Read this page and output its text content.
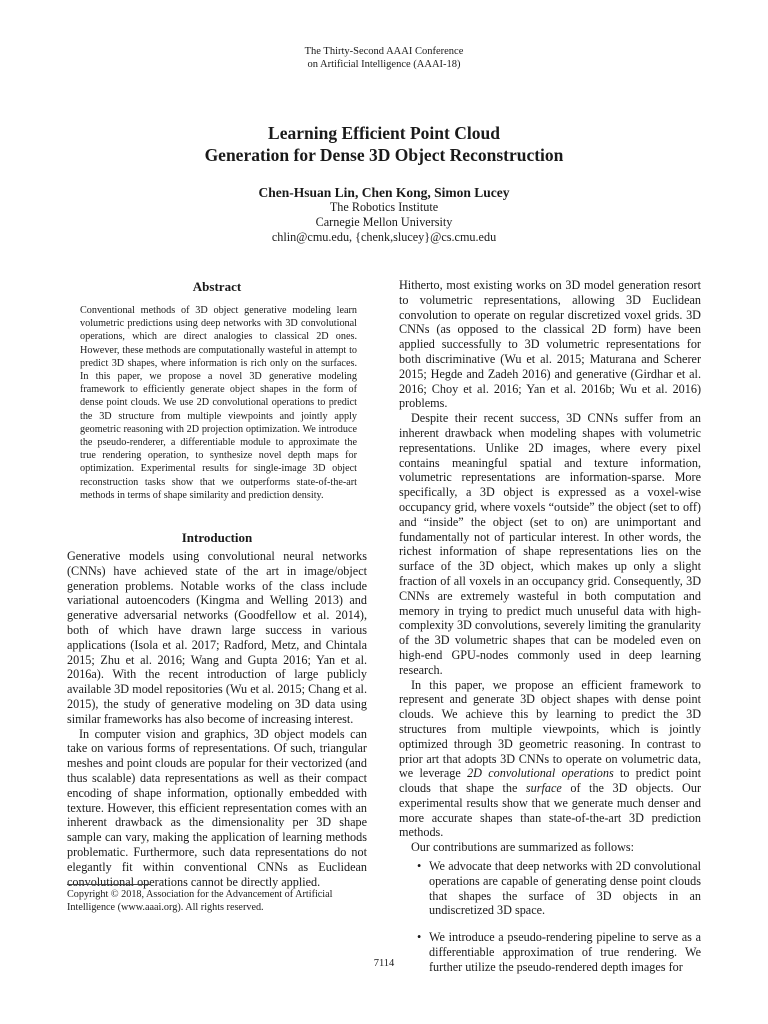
The Thirty-Second AAAI Conference
on Artificial Intelligence (AAAI-18)
Learning Efficient Point Cloud
Generation for Dense 3D Object Reconstruction
Chen-Hsuan Lin, Chen Kong, Simon Lucey
The Robotics Institute
Carnegie Mellon University
chlin@cmu.edu, {chenk,slucey}@cs.cmu.edu
Abstract
Conventional methods of 3D object generative modeling learn volumetric predictions using deep networks with 3D convolutional operations, which are direct analogies to classical 2D ones. However, these methods are computationally wasteful in attempt to predict 3D shapes, where information is rich only on the surfaces. In this paper, we propose a novel 3D generative modeling framework to efficiently generate object shapes in the form of dense point clouds. We use 2D convolutional operations to predict the 3D structure from multiple viewpoints and jointly apply geometric reasoning with 2D projection optimization. We introduce the pseudo-renderer, a differentiable module to approximate the true rendering operation, to synthesize novel depth maps for optimization. Experimental results for single-image 3D object reconstruction tasks show that we outperforms state-of-the-art methods in terms of shape similarity and prediction density.
Introduction

Generative models using convolutional neural networks (CNNs) have achieved state of the art in image/object generation problems. Notable works of the class include variational autoencoders (Kingma and Welling 2013) and generative adversarial networks (Goodfellow et al. 2014), both of which have drawn large success in various applications (Isola et al. 2017; Radford, Metz, and Chintala 2015; Zhu et al. 2016; Wang and Gupta 2016; Yan et al. 2016a). With the recent introduction of large publicly available 3D model repositories (Wu et al. 2015; Chang et al. 2015), the study of generative modeling on 3D data using similar frameworks has also become of increasing interest.

In computer vision and graphics, 3D object models can take on various forms of representations. Of such, triangular meshes and point clouds are popular for their vectorized (and thus scalable) data representations as well as their compact encoding of shape information, optionally embedded with texture. However, this efficient representation comes with an inherent drawback as the dimensionality per 3D shape sample can vary, making the application of learning methods problematic. Furthermore, such data representations do not elegantly fit within conventional CNNs as Euclidean convolutional operations cannot be directly applied.

Hitherto, most existing works on 3D model generation resort to volumetric representations, allowing 3D Euclidean convolution to operate on regular discretized voxel grids. 3D CNNs (as opposed to the classical 2D form) have been applied successfully to 3D volumetric representations for both discriminative (Wu et al. 2015; Maturana and Scherer 2015; Hegde and Zadeh 2016) and generative (Girdhar et al. 2016; Choy et al. 2016; Yan et al. 2016b; Wu et al. 2016) problems.

Despite their recent success, 3D CNNs suffer from an inherent drawback when modeling shapes with volumetric representations. Unlike 2D images, where every pixel contains meaningful spatial and texture information, volumetric representations are information-sparse. More specifically, a 3D object is expressed as a voxel-wise occupancy grid, where voxels “outside” the object (set to off) and “inside” the object (set to on) are unimportant and fundamentally not of particular interest. In other words, the richest information of shape representations lies on the surface of the 3D object, which makes up only a slight fraction of all voxels in an occupancy grid. Consequently, 3D CNNs are extremely wasteful in both computation and memory in trying to predict much unuseful data with high-complexity 3D convolutions, severely limiting the granularity of the 3D volumetric shapes that can be modeled even on high-end GPU-nodes commonly used in deep learning research.

In this paper, we propose an efficient framework to represent and generate 3D object shapes with dense point clouds. We achieve this by learning to predict the 3D structures from multiple viewpoints, which is jointly optimized through 3D geometric reasoning. In contrast to prior art that adopts 3D CNNs to operate on volumetric data, we leverage 2D convolutional operations to predict point clouds that shape the surface of the 3D objects. Our experimental results show that we generate much denser and more accurate shapes than state-of-the-art 3D prediction methods.

Our contributions are summarized as follows:

• We advocate that deep networks with 2D convolutional operations are capable of generating dense point clouds that shapes the surface of 3D objects in an undiscretized 3D space.
• We introduce a pseudo-rendering pipeline to serve as a differentiable approximation of true rendering. We further utilize the pseudo-rendered depth images for
Copyright © 2018, Association for the Advancement of Artificial Intelligence (www.aaai.org). All rights reserved.
7114
